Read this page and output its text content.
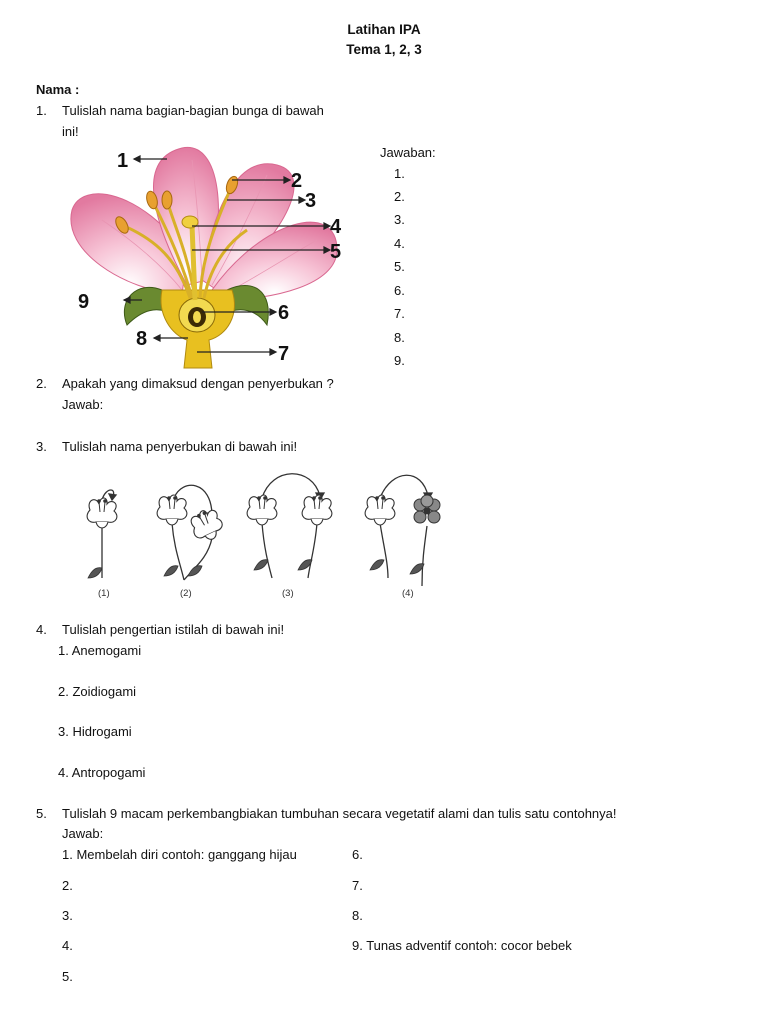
Latihan IPA
Tema 1, 2, 3
Nama :
1. Tulislah nama bagian-bagian bunga di bawah
ini!
1
2
3
4
5
6
7
8
9
Jawaban:
1.
2.
3.
4.
5.
6.
7.
8.
9.
2. Apakah yang dimaksud dengan penyerbukan ?
Jawab:
3. Tulislah nama penyerbukan di bawah ini!
(1)	(2)	(3)	(4)
4. Tulislah pengertian istilah di bawah ini!
1. Anemogami
2. Zoidiogami
3. Hidrogami
4. Antropogami
5. Tulislah 9 macam perkembangbiakan tumbuhan secara vegetatif alami dan tulis satu contohnya!
Jawab:
1. Membelah diri contoh: ganggang hijau
2.
3.
4.
5.
6.
7.
8.
9. Tunas adventif contoh: cocor bebek
